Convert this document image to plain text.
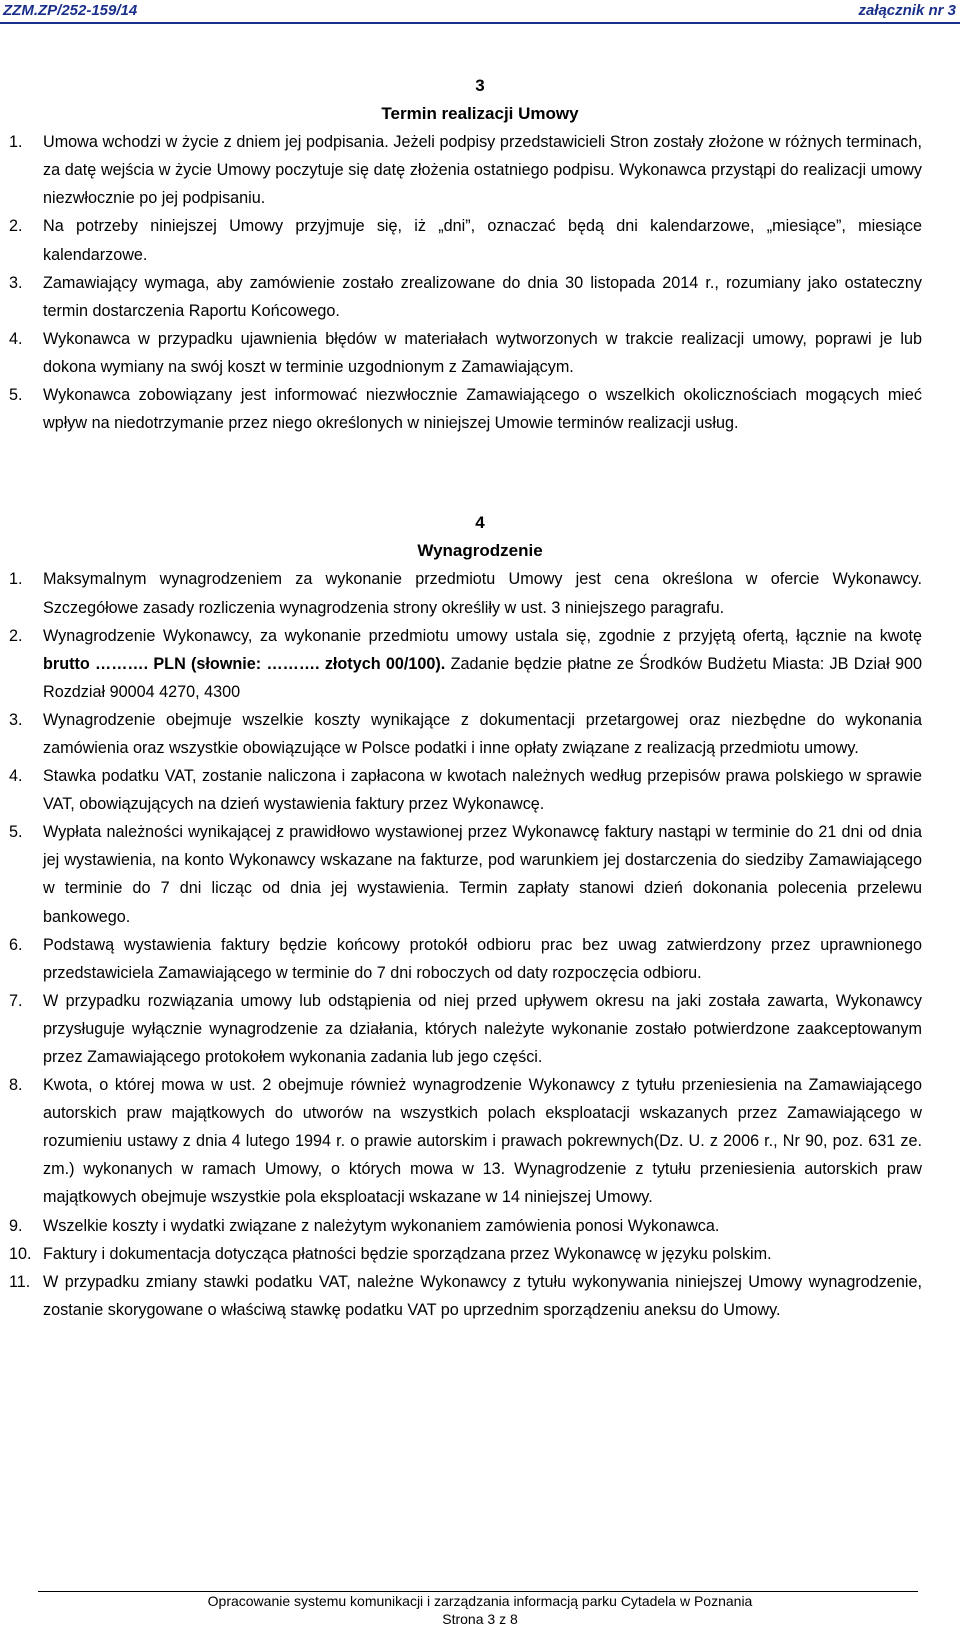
ZZM.ZP/252-159/14	załącznik nr 3
3
Termin realizacji Umowy
1. Umowa wchodzi w życie z dniem jej podpisania. Jeżeli podpisy przedstawicieli Stron zostały złożone w różnych terminach, za datę wejścia w życie Umowy poczytuje się datę złożenia ostatniego podpisu. Wykonawca przystąpi do realizacji umowy niezwłocznie po jej podpisaniu.
2. Na potrzeby niniejszej Umowy przyjmuje się, iż „dni”, oznaczać będą dni kalendarzowe, „miesiące”, miesiące kalendarzowe.
3. Zamawiający wymaga, aby zamówienie zostało zrealizowane do dnia 30 listopada 2014 r., rozumiany jako ostateczny termin dostarczenia Raportu Końcowego.
4. Wykonawca w przypadku ujawnienia błędów w materiałach wytworzonych w trakcie realizacji umowy, poprawi je lub dokona wymiany na swój koszt w terminie uzgodnionym z Zamawiającym.
5. Wykonawca zobowiązany jest informować niezwłocznie Zamawiającego o wszelkich okolicznościach mogących mieć wpływ na niedotrzymanie przez niego określonych w niniejszej Umowie terminów realizacji usług.
4
Wynagrodzenie
1. Maksymalnym wynagrodzeniem za wykonanie przedmiotu Umowy jest cena określona w ofercie Wykonawcy. Szczegółowe zasady rozliczenia wynagrodzenia strony określiły w ust. 3 niniejszego paragrafu.
2. Wynagrodzenie Wykonawcy, za wykonanie przedmiotu umowy ustala się, zgodnie z przyjętą ofertą, łącznie na kwotę brutto ………. PLN (słownie: ………. złotych 00/100). Zadanie będzie płatne ze Środków Budżetu Miasta: JB Dział 900 Rozdział 90004 4270, 4300
3. Wynagrodzenie obejmuje wszelkie koszty wynikające z dokumentacji przetargowej oraz niezbędne do wykonania zamówienia oraz wszystkie obowiązujące w Polsce podatki i inne opłaty związane z realizacją przedmiotu umowy.
4. Stawka podatku VAT, zostanie naliczona i zapłacona w kwotach należnych według przepisów prawa polskiego w sprawie VAT, obowiązujących na dzień wystawienia faktury przez Wykonawcę.
5. Wypłata należności wynikającej z prawidłowo wystawionej przez Wykonawcę faktury nastąpi w terminie do 21 dni od dnia jej wystawienia, na konto Wykonawcy wskazane na fakturze, pod warunkiem jej dostarczenia do siedziby Zamawiającego w terminie do 7 dni licząc od dnia jej wystawienia. Termin zapłaty stanowi dzień dokonania polecenia przelewu bankowego.
6. Podstawą wystawienia faktury będzie końcowy protokół odbioru prac bez uwag zatwierdzony przez uprawnionego przedstawiciela Zamawiającego w terminie do 7 dni roboczych od daty rozpoczęcia odbioru.
7. W przypadku rozwiązania umowy lub odstąpienia od niej przed upływem okresu na jaki została zawarta, Wykonawcy przysługuje wyłącznie wynagrodzenie za działania, których należyte wykonanie zostało potwierdzone zaakceptowanym przez Zamawiającego protokołem wykonania zadania lub jego części.
8. Kwota, o której mowa w ust. 2 obejmuje również wynagrodzenie Wykonawcy z tytułu przeniesienia na Zamawiającego autorskich praw majątkowych do utworów na wszystkich polach eksploatacji wskazanych przez Zamawiającego w rozumieniu ustawy z dnia 4 lutego 1994 r. o prawie autorskim i prawach pokrewnych(Dz. U. z 2006 r., Nr 90, poz. 631 ze. zm.) wykonanych w ramach Umowy, o których mowa w 13. Wynagrodzenie z tytułu przeniesienia autorskich praw majątkowych obejmuje wszystkie pola eksploatacji wskazane w 14 niniejszej Umowy.
9. Wszelkie koszty i wydatki związane z należytym wykonaniem zamówienia ponosi Wykonawca.
10. Faktury i dokumentacja dotycząca płatności będzie sporządzana przez Wykonawcę w języku polskim.
11. W przypadku zmiany stawki podatku VAT, należne Wykonawcy z tytułu wykonywania niniejszej Umowy wynagrodzenie, zostanie skorygowane o właściwą stawkę podatku VAT po uprzednim sporządzeniu aneksu do Umowy.
Opracowanie systemu komunikacji i zarządzania informacją parku Cytadela w Poznania
Strona 3 z 8
